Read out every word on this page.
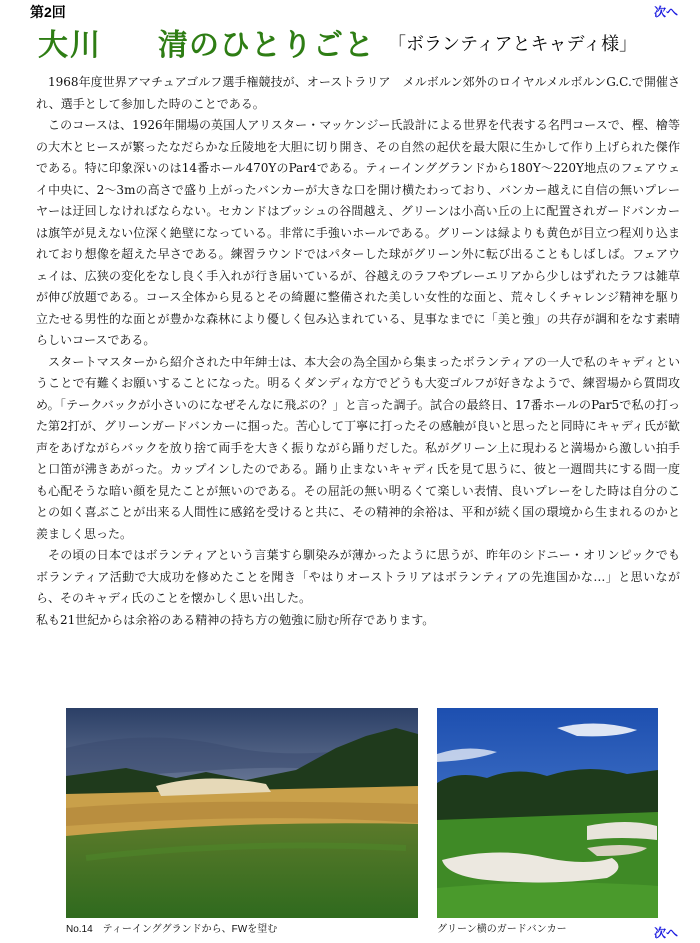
第2回	次へ
大川 清のひとりごと 「ボランティアとキャディ様」

1968年度世界アマチュアゴルフ選手権競技が、オーストラリア　メルボルン郊外のロイヤルメルボルンG.C.で開催され、選手として参加した時のことである。

このコースは、1926年開場の英国人アリスター・マッケンジー氏設計による世界を代表する名門コースで、樫、檜等の大木とヒースが繁ったなだらかな丘陵地を大胆に切り開き、その自然の起伏を最大限に生かして作り上げられた傑作である。特に印象深いのは14番ホール470YのPar4である。ティーインググランドから180Y～220Y地点のフェアウェイ中央に、2～3mの高さで盛り上がったバンカーが大きな口を開け横たわっており、バンカー越えに自信の無いプレーヤーは迂回しなければならない。セカンドはブッシュの谷間越え、グリーンは小高い丘の上に配置されガードバンカーは旗竿が見えない位深く絶壁になっている。非常に手強いホールである。グリーンは緑よりも黄色が目立つ程刈り込まれており想像を超えた早さである。練習ラウンドではパターした球がグリーン外に転び出ることもしばしば。フェアウェイは、広狭の変化をなし良く手入れが行き届いているが、谷越えのラフやブレーエリアから少しはずれたラフは雑草が伸び放題である。コース全体から見るとその綺麗に整備された美しい女性的な面と、荒々しくチャレンジ精神を駆り立たせる男性的な面とが豊かな森林により優しく包み込まれている、見事なまでに「美と強」の共存が調和をなす素晴らしいコースである。

スタートマスターから紹介された中年紳士は、本大会の為全国から集まったボランティアの一人で私のキャディということで有難くお願いすることになった。明るくダンディな方でどうも大変ゴルフが好きなようで、練習場から質問攻め。「テークバックが小さいのになぜそんなに飛ぶの？」と言った調子。試合の最終日、17番ホールのPar5で私の打った第2打が、グリーンガードバンカーに掴った。苦心して丁寧に打ったその感触が良いと思ったと同時にキャディ氏が歓声をあげながらバックを放り捨て両手を大きく振りながら踊りだした。私がグリーン上に現わると満場から激しい拍手と口笛が沸きあがった。カップインしたのである。踊り止まないキャディ氏を見て思うに、彼と一週間共にする間一度も心配そうな暗い顔を見たことが無いのである。その屈託の無い明るくて楽しい表情、良いプレーをした時は自分のことの如く喜ぶことが出来る人間性に感銘を受けると共に、その精神的余裕は、平和が続く国の環境から生まれるのかと羨ましく思った。

その頃の日本ではボランティアという言葉すら馴染みが薄かったように思うが、昨年のシドニー・オリンピックでもボランティア活動で大成功を修めたことを聞き「やはりオーストラリアはボランティアの先進国かな…」と思いながら、そのキャディ氏のことを懐かしく思い出した。

私も21世紀からは余裕のある精神の持ち方の勉強に励む所存であります。

No.14　ティーインググランドから、FWを望む	グリーン横のガードバンカー	次へ
